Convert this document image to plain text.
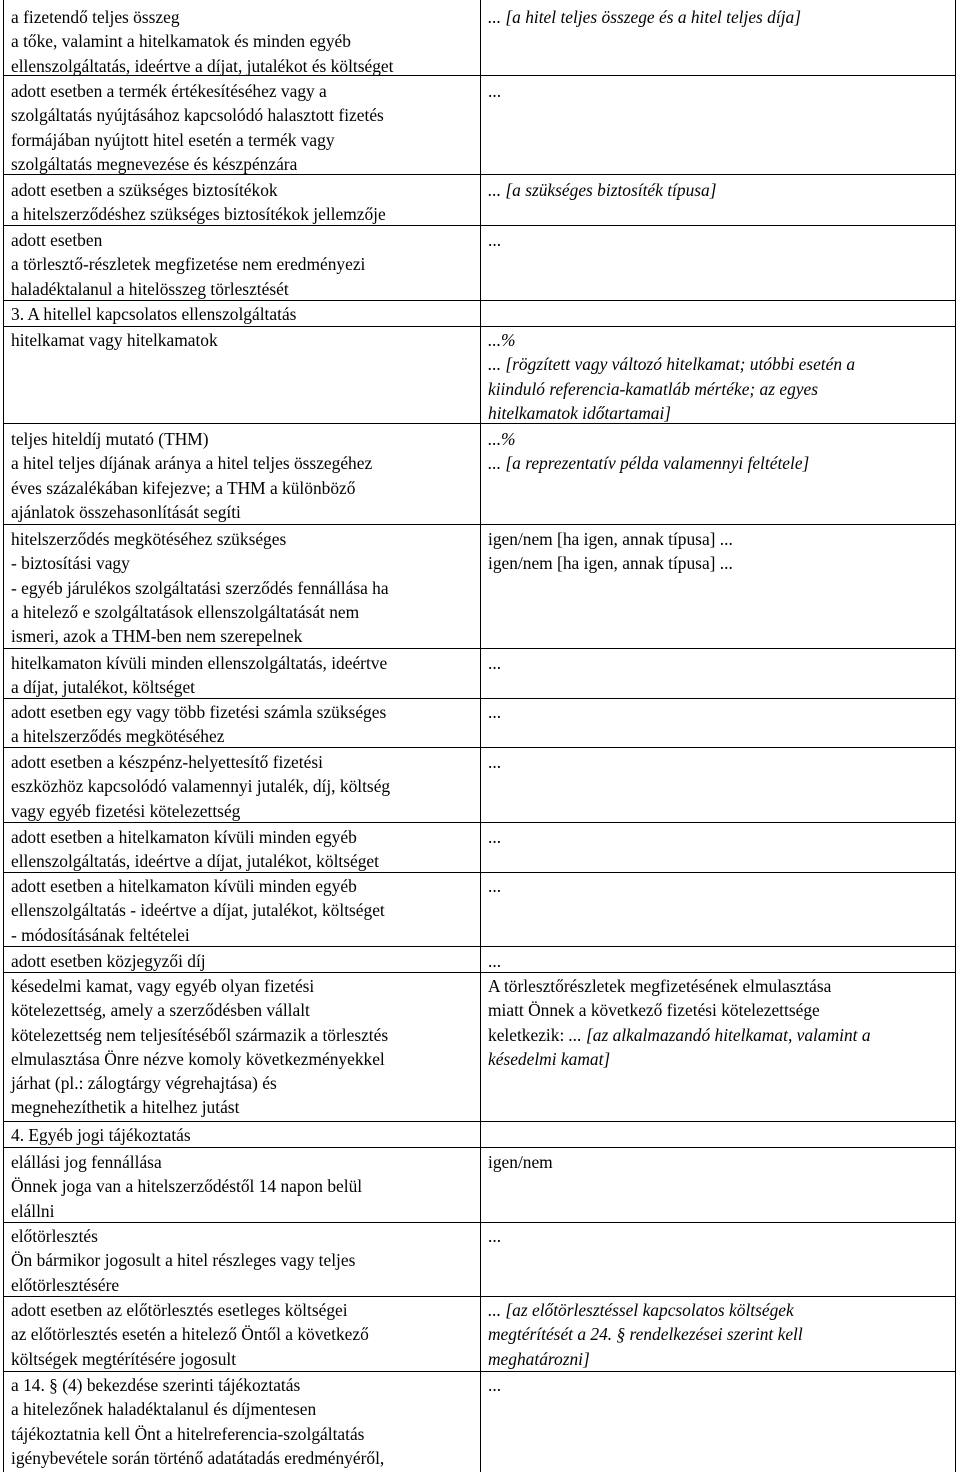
a fizetendő teljes összeg
a tőke, valamint a hitelkamatok és minden egyéb
ellenszolgáltatás, ideértve a díjat, jutalékot és költséget
... [a hitel teljes összege és a hitel teljes díja]
adott esetben a termék értékesítéséhez vagy a
szolgáltatás nyújtásához kapcsolódó halasztott fizetés
formájában nyújtott hitel esetén a termék vagy
szolgáltatás megnevezése és készpénzára
...
adott esetben a szükséges biztosítékok
a hitelszerződéshez szükséges biztosítékok jellemzője
... [a szükséges biztosíték típusa]
adott esetben
a törlesztő-részletek megfizetése nem eredményezi
haladéktalanul a hitelösszeg törlesztését
...
3. A hitellel kapcsolatos ellenszolgáltatás
hitelkamat vagy hitelkamatok	...%
... [rögzített vagy változó hitelkamat; utóbbi esetén a
kiinduló referencia-kamatláb mértéke; az egyes
hitelkamatok időtartamai]
teljes hiteldíj mutató (THM)
a hitel teljes díjának aránya a hitel teljes összegéhez
éves százalékában kifejezve; a THM a különböző
ajánlatok összehasonlítását segíti
...%
... [a reprezentatív példa valamennyi feltétele]
hitelszerződés megkötéséhez szükséges
- biztosítási vagy
- egyéb járulékos szolgáltatási szerződés fennállása ha
a hitelező e szolgáltatások ellenszolgáltatását nem
ismeri, azok a THM-ben nem szerepelnek
igen/nem [ha igen, annak típusa] ...
igen/nem [ha igen, annak típusa] ...
hitelkamaton kívüli minden ellenszolgáltatás, ideértve
a díjat, jutalékot, költséget
...
adott esetben egy vagy több fizetési számla szükséges
a hitelszerződés megkötéséhez
...
adott esetben a készpénz-helyettesítő fizetési
eszközhöz kapcsolódó valamennyi jutalék, díj, költség
vagy egyéb fizetési kötelezettség
...
adott esetben a hitelkamaton kívüli minden egyéb
ellenszolgáltatás, ideértve a díjat, jutalékot, költséget
...
adott esetben a hitelkamaton kívüli minden egyéb
ellenszolgáltatás - ideértve a díjat, jutalékot, költséget
- módosításának feltételei
...
adott esetben közjegyzői díj	...
késedelmi kamat, vagy egyéb olyan fizetési
kötelezettség, amely a szerződésben vállalt
kötelezettség nem teljesítéséből származik a törlesztés
elmulasztása Önre nézve komoly következményekkel
járhat (pl.: zálogtárgy végrehajtása) és
megnehezíthetik a hitelhez jutást
A törlesztőrészletek megfizetésének elmulasztása
miatt Önnek a következő fizetési kötelezettsége
keletkezik: ... [az alkalmazandó hitelkamat, valamint a
késedelmi kamat]
4. Egyéb jogi tájékoztatás
elállási jog fennállása
Önnek joga van a hitelszerződéstől 14 napon belül
elállni
igen/nem
előtörlesztés
Ön bármikor jogosult a hitel részleges vagy teljes
előtörlesztésére
...
adott esetben az előtörlesztés esetleges költségei
az előtörlesztés esetén a hitelező Öntől a következő
költségek megtérítésére jogosult
... [az előtörlesztéssel kapcsolatos költségek
megtérítését a 24. § rendelkezései szerint kell
meghatározni]
a 14. § (4) bekezdése szerinti tájékoztatás
a hitelezőnek haladéktalanul és díjmentesen
tájékoztatnia kell Önt a hitelreferencia-szolgáltatás
igénybevétele során történő adatátadás eredményéről,
...
